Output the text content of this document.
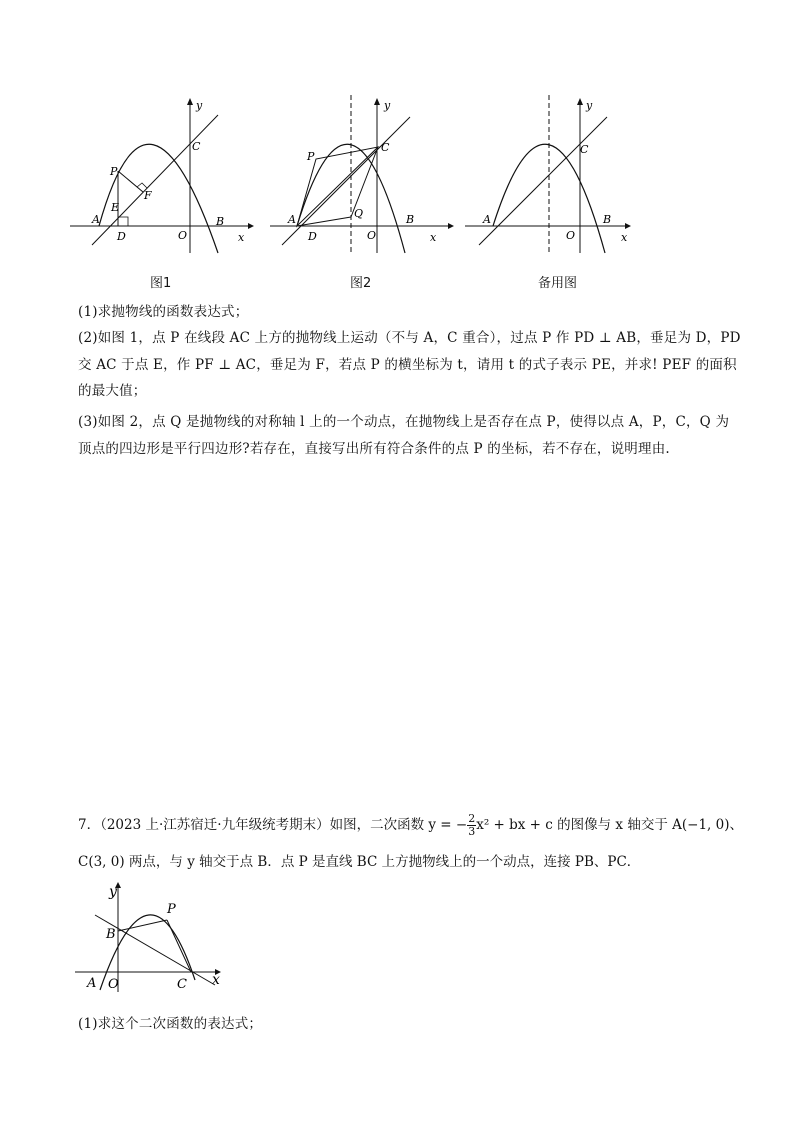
y
x
A	B
C
O
P
E
F
D
图1
y
x
A	B
C
O
P
Q
D
图2
y
x
A	B
C
O
备用图
(1)求抛物线的函数表达式；
(2)如图 1，点 P 在线段 AC 上方的抛物线上运动（不与 A，C 重合），过点 P 作 PD ⊥ AB，垂足为 D，PD
交 AC 于点 E，作 PF ⊥ AC，垂足为 F，若点 P 的横坐标为 t，请用 t 的式子表示 PE，并求! PEF 的面积
的最大值；
(3)如图 2，点 Q 是抛物线的对称轴 l 上的一个动点，在抛物线上是否存在点 P，使得以点 A，P，C，Q 为
顶点的四边形是平行四边形?若存在，直接写出所有符合条件的点 P 的坐标，若不存在，说明理由.
7．（2023 上·江苏宿迁·九年级统考期末）如图，二次函数 y = − $\frac{2}{3}x^2$ + bx + c 的图像与 x 轴交于 A(−1, 0)、
C(3, 0) 两点，与 y 轴交于点 B．点 P 是直线 BC 上方抛物线上的一个动点，连接 PB、PC．
y
x
A
B
C
O
P
(1)求这个二次函数的表达式；
